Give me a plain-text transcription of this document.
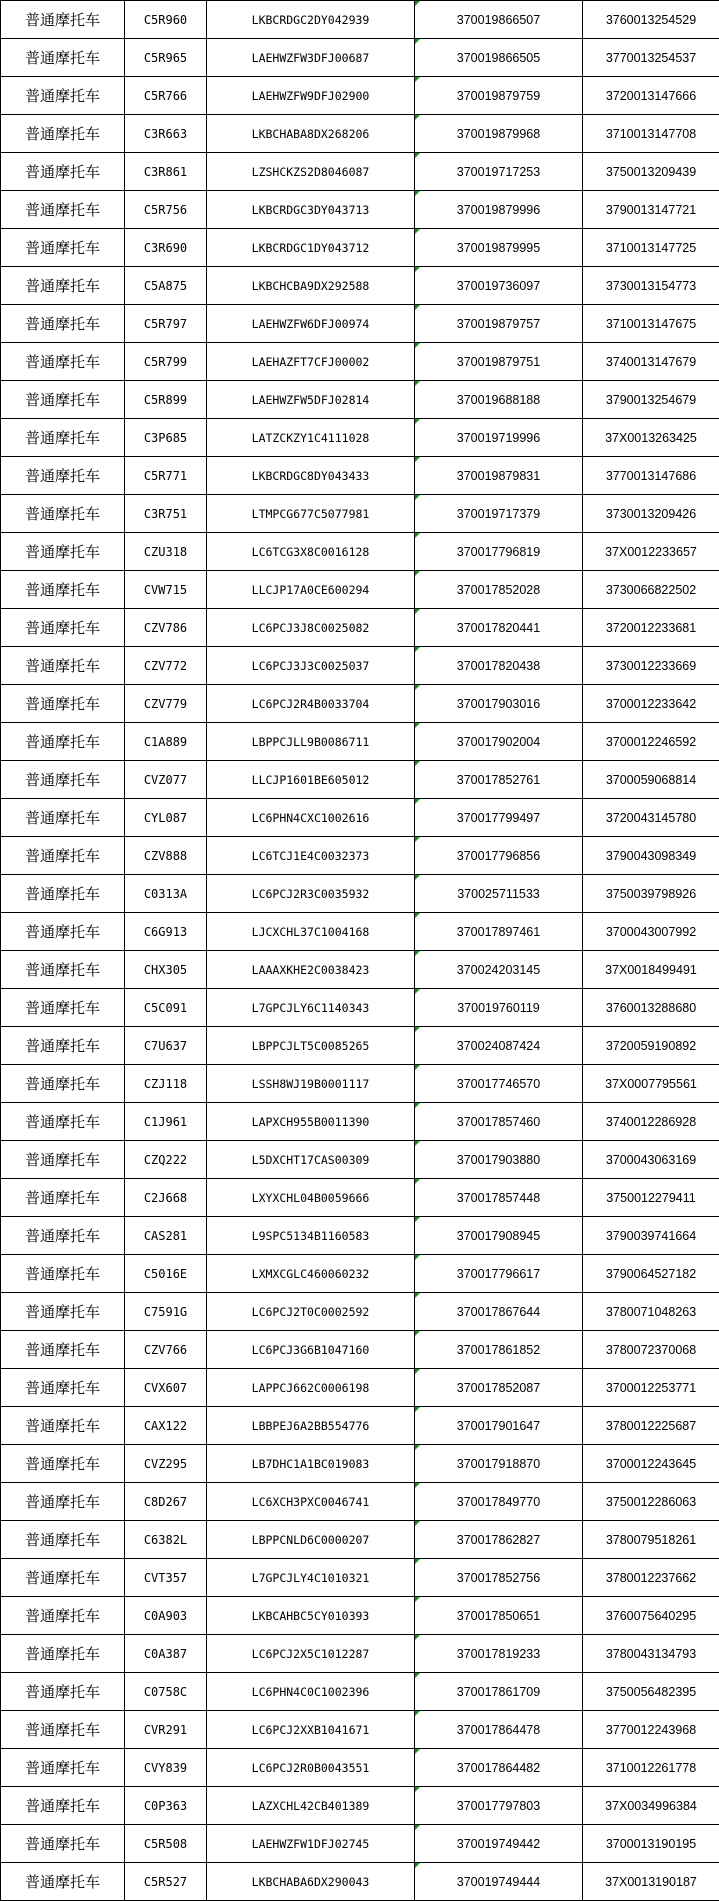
普通摩托车	C5R960	LKBCRDGC2DY042939	370019866507	3760013254529
普通摩托车	C5R965	LAEHWZFW3DFJ00687	370019866505	3770013254537
普通摩托车	C5R766	LAEHWZFW9DFJ02900	370019879759	3720013147666
普通摩托车	C3R663	LKBCHABA8DX268206	370019879968	3710013147708
普通摩托车	C3R861	LZSHCKZS2D8046087	370019717253	3750013209439
普通摩托车	C5R756	LKBCRDGC3DY043713	370019879996	3790013147721
普通摩托车	C3R690	LKBCRDGC1DY043712	370019879995	3710013147725
普通摩托车	C5A875	LKBCHCBA9DX292588	370019736097	3730013154773
普通摩托车	C5R797	LAEHWZFW6DFJ00974	370019879757	3710013147675
普通摩托车	C5R799	LAEHAZFT7CFJ00002	370019879751	3740013147679
普通摩托车	C5R899	LAEHWZFW5DFJ02814	370019688188	3790013254679
普通摩托车	C3P685	LATZCKZY1C4111028	370019719996	37X0013263425
普通摩托车	C5R771	LKBCRDGC8DY043433	370019879831	3770013147686
普通摩托车	C3R751	LTMPCG677C5077981	370019717379	3730013209426
普通摩托车	CZU318	LC6TCG3X8C0016128	370017796819	37X0012233657
普通摩托车	CVW715	LLCJP17A0CE600294	370017852028	3730066822502
普通摩托车	CZV786	LC6PCJ3J8C0025082	370017820441	3720012233681
普通摩托车	CZV772	LC6PCJ3J3C0025037	370017820438	3730012233669
普通摩托车	CZV779	LC6PCJ2R4B0033704	370017903016	3700012233642
普通摩托车	C1A889	LBPPCJLL9B0086711	370017902004	3700012246592
普通摩托车	CVZ077	LLCJP1601BE605012	370017852761	3700059068814
普通摩托车	CYL087	LC6PHN4CXC1002616	370017799497	3720043145780
普通摩托车	CZV888	LC6TCJ1E4C0032373	370017796856	3790043098349
普通摩托车	C0313A	LC6PCJ2R3C0035932	370025711533	3750039798926
普通摩托车	C6G913	LJCXCHL37C1004168	370017897461	3700043007992
普通摩托车	CHX305	LAAAXKHE2C0038423	370024203145	37X0018499491
普通摩托车	C5C091	L7GPCJLY6C1140343	370019760119	3760013288680
普通摩托车	C7U637	LBPPCJLT5C0085265	370024087424	3720059190892
普通摩托车	CZJ118	LSSH8WJ19B0001117	370017746570	37X0007795561
普通摩托车	C1J961	LAPXCH955B0011390	370017857460	3740012286928
普通摩托车	CZQ222	L5DXCHT17CAS00309	370017903880	3700043063169
普通摩托车	C2J668	LXYXCHL04B0059666	370017857448	3750012279411
普通摩托车	CAS281	L9SPC5134B1160583	370017908945	3790039741664
普通摩托车	C5016E	LXMXCGLC460060232	370017796617	3790064527182
普通摩托车	C7591G	LC6PCJ2T0C0002592	370017867644	3780071048263
普通摩托车	CZV766	LC6PCJ3G6B1047160	370017861852	3780072370068
普通摩托车	CVX607	LAPPCJ662C0006198	370017852087	3700012253771
普通摩托车	CAX122	LBBPEJ6A2BB554776	370017901647	3780012225687
普通摩托车	CVZ295	LB7DHC1A1BC019083	370017918870	3700012243645
普通摩托车	C8D267	LC6XCH3PXC0046741	370017849770	3750012286063
普通摩托车	C6382L	LBPPCNLD6C0000207	370017862827	3780079518261
普通摩托车	CVT357	L7GPCJLY4C1010321	370017852756	3780012237662
普通摩托车	C0A903	LKBCAHBC5CY010393	370017850651	3760075640295
普通摩托车	C0A387	LC6PCJ2X5C1012287	370017819233	3780043134793
普通摩托车	C0758C	LC6PHN4C0C1002396	370017861709	3750056482395
普通摩托车	CVR291	LC6PCJ2XXB1041671	370017864478	3770012243968
普通摩托车	CVY839	LC6PCJ2R0B0043551	370017864482	3710012261778
普通摩托车	C0P363	LAZXCHL42CB401389	370017797803	37X0034996384
普通摩托车	C5R508	LAEHWZFW1DFJ02745	370019749442	3700013190195
普通摩托车	C5R527	LKBCHABA6DX290043	370019749444	37X0013190187
